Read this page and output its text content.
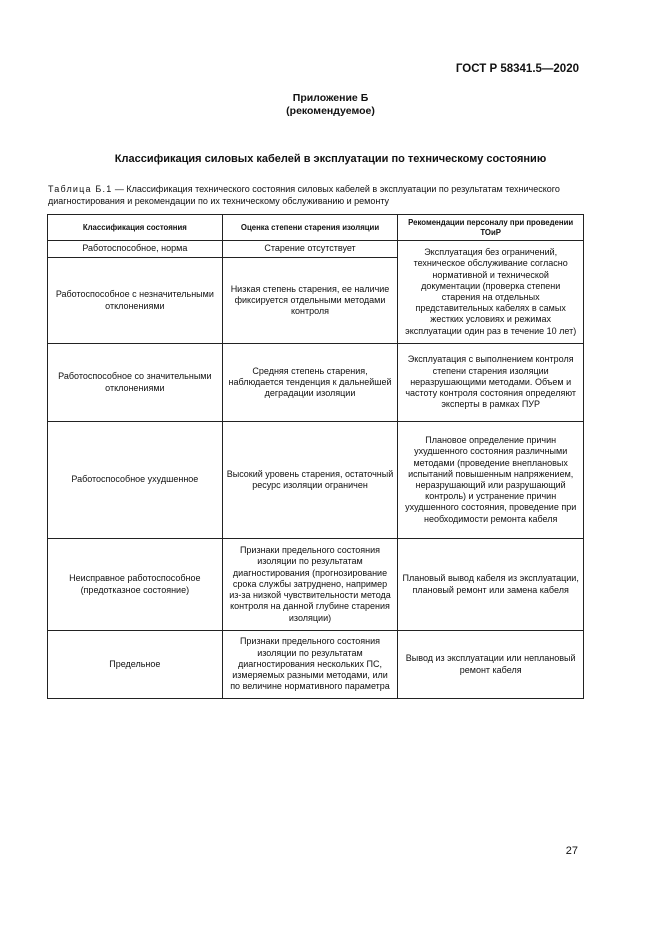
ГОСТ Р 58341.5—2020
Приложение Б
(рекомендуемое)
Классификация силовых кабелей в эксплуатации по техническому состоянию
Таблица Б.1 — Классификация технического состояния силовых кабелей в эксплуатации по результатам технического диагностирования и рекомендации по их техническому обслуживанию и ремонту
Классификация состояния	Оценка степени старения изоляции	Рекомендации персоналу при проведении ТОиР
Работоспособное, норма	Старение отсутствует	Эксплуатация без ограничений, техническое обслуживание согласно нормативной и технической документации (проверка степени старения на отдельных представительных кабелях в самых жестких условиях и режимах эксплуатации один раз в течение 10 лет)
Работоспособное с незначительными отклонениями	Низкая степень старения, ее наличие фиксируется отдельными методами контроля	
Работоспособное со значительными отклонениями	Средняя степень старения, наблюдается тенденция к дальнейшей деградации изоляции	Эксплуатация с выполнением контроля степени старения изоляции неразрушающими методами. Объем и частоту контроля состояния определяют эксперты в рамках ПУР
Работоспособное ухудшенное	Высокий уровень старения, остаточный ресурс изоляции ограничен	Плановое определение причин ухудшенного состояния различными методами (проведение внеплановых испытаний повышенным напряжением, неразрушающий или разрушающий контроль) и устранение причин ухудшенного состояния, проведение при необходимости ремонта кабеля
Неисправное работоспособное (предотказное состояние)	Признаки предельного состояния изоляции по результатам диагностирования (прогнозирование срока службы затруднено, например из-за низкой чувствительности метода контроля на данной глубине старения изоляции)	Плановый вывод кабеля из эксплуатации, плановый ремонт или замена кабеля
Предельное	Признаки предельного состояния изоляции по результатам диагностирования нескольких ПС, измеряемых разными методами, или по величине нормативного параметра	Вывод из эксплуатации или неплановый ремонт кабеля
27
